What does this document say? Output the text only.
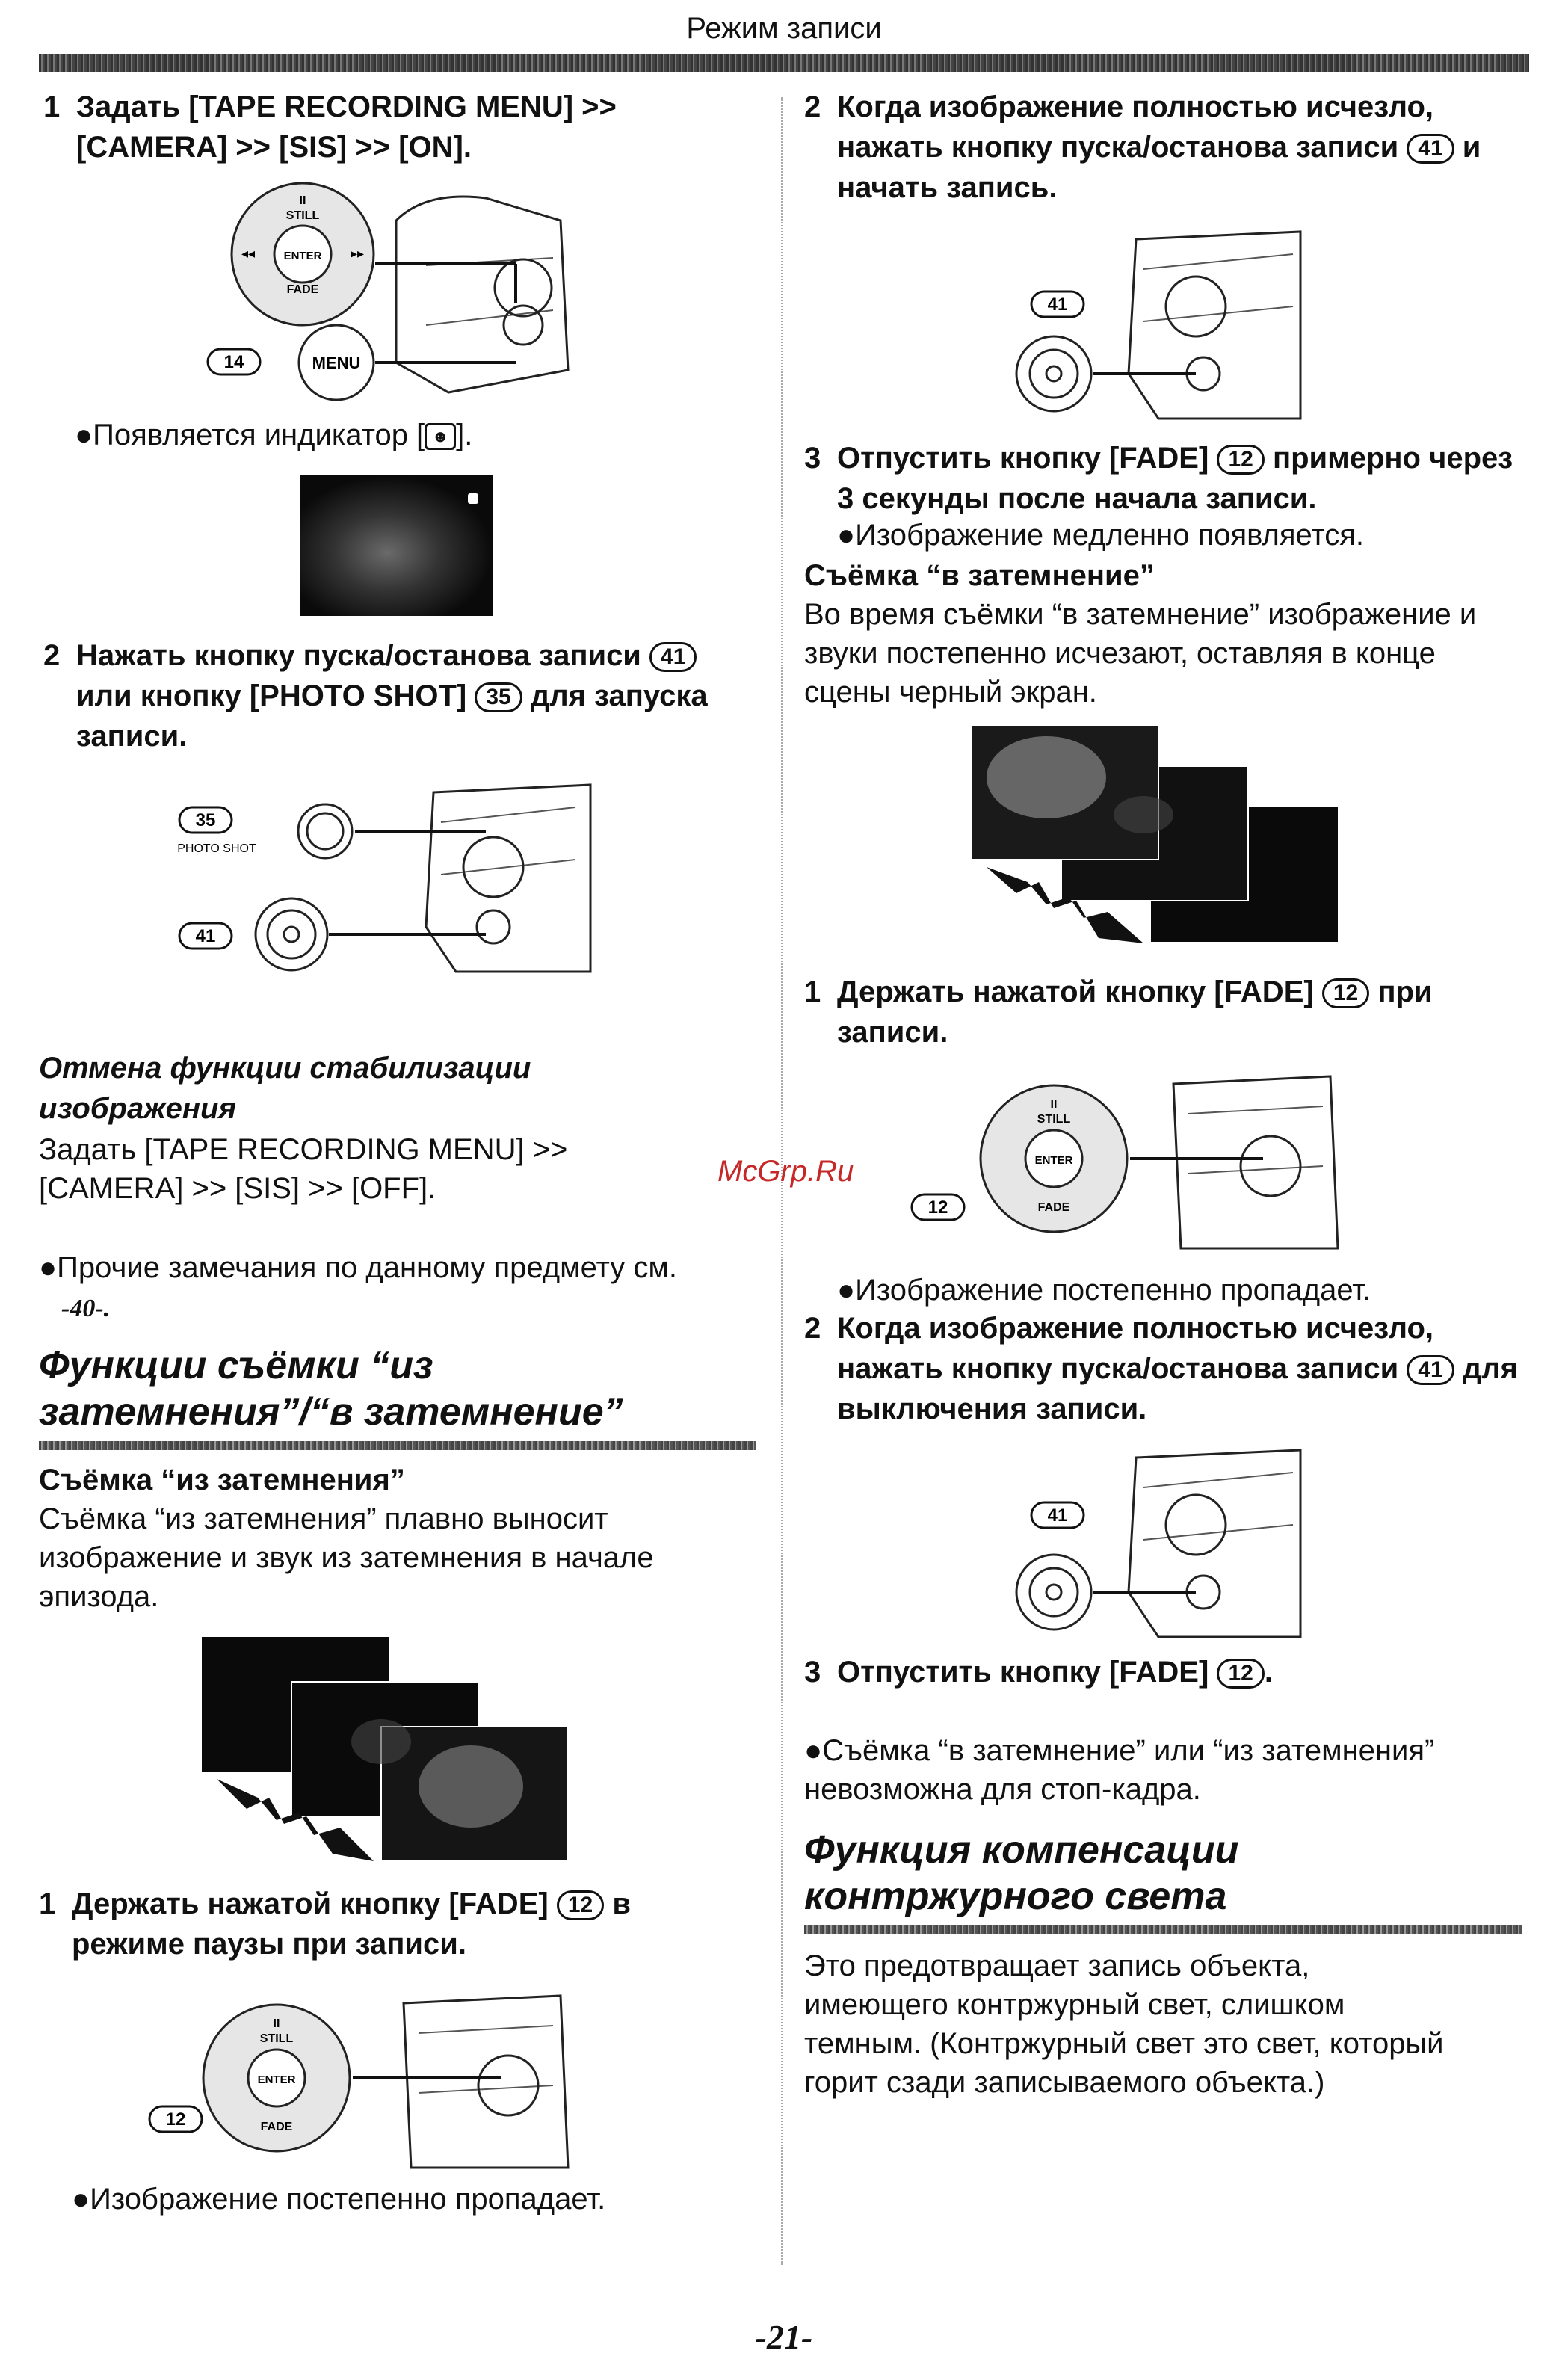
Режим записи
1 Задать [TAPE RECORDING MENU] >> [CAMERA] >> [SIS] >> [ON].
II
STILL
ENTER
FADE
◂◂	▸▸
MENU
14
●Появляется индикатор [ ☻ ].
2 Нажать кнопку пуска/останова записи 41 или кнопку [PHOTO SHOT] 35 для запуска записи.
35
PHOTO SHOT
41
Отмена функции стабилизации изображения
Задать [TAPE RECORDING MENU] >> [CAMERA] >> [SIS] >> [OFF].
●Прочие замечания по данному предмету см.
-40-.
Функции съёмки “из
затемнения”/“в затемнение”
Съёмка “из затемнения”
Съёмка “из затемнения” плавно выносит изображение и звук из затемнения в начале эпизода.
1 Держать нажатой кнопку [FADE] 12 в режиме паузы при записи.
II
STILL
ENTER
FADE
12
●Изображение постепенно пропадает.
2 Когда изображение полностью исчезло, нажать кнопку пуска/останова записи 41 и начать запись.
41
3 Отпустить кнопку [FADE] 12 примерно через 3 секунды после начала записи.
●Изображение медленно появляется.
Съёмка “в затемнение”
Во время съёмки “в затемнение” изображение и звуки постепенно исчезают, оставляя в конце сцены черный экран.
1 Держать нажатой кнопку [FADE] 12 при записи.
II
STILL
ENTER
FADE
12
●Изображение постепенно пропадает.
2 Когда изображение полностью исчезло, нажать кнопку пуска/останова записи 41 для выключения записи.
41
3 Отпустить кнопку [FADE] 12 .
●Съёмка “в затемнение” или “из затемнения” невозможна для стоп-кадра.
Функция компенсации
контржурного света
Это предотвращает запись объекта, имеющего контржурный свет, слишком темным. (Контржурный свет это свет, который горит сзади записываемого объекта.)
McGrp.Ru
-21-
